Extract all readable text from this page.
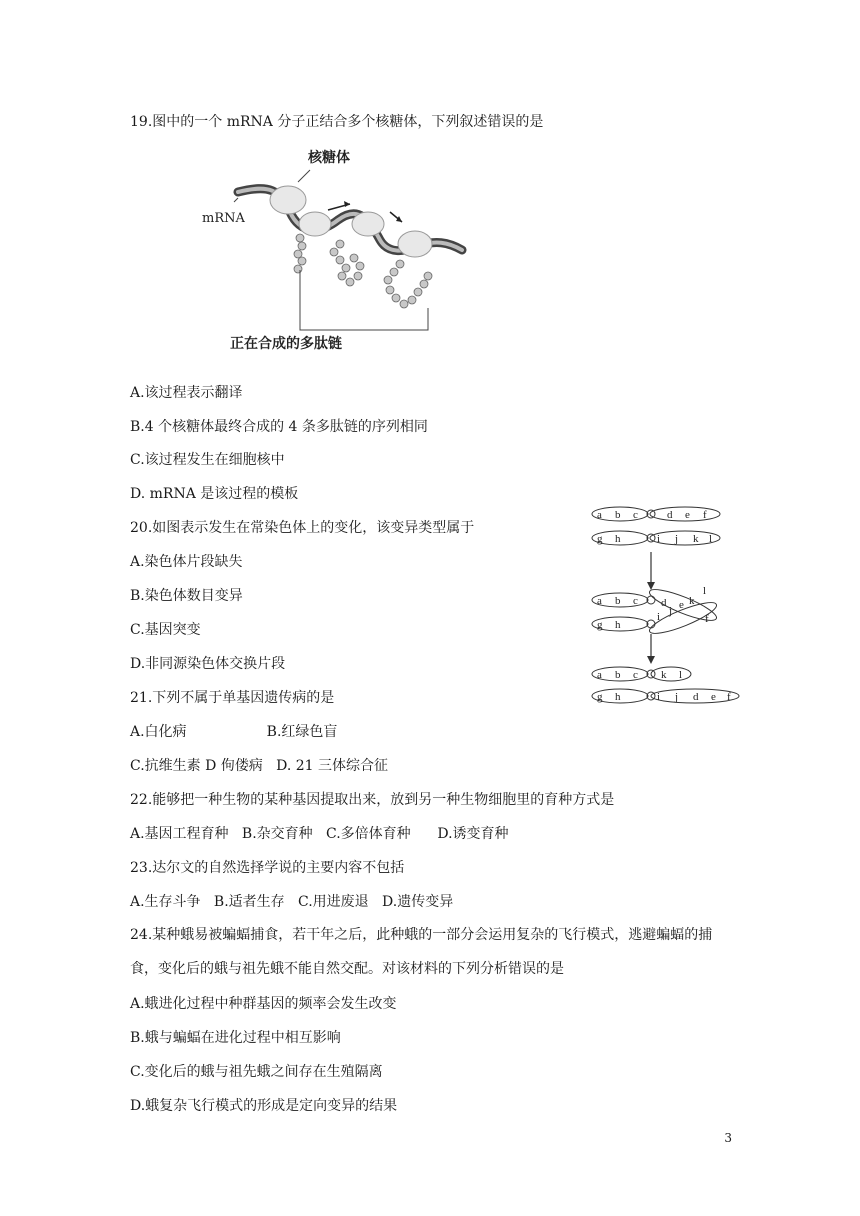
19.图中的一个 mRNA 分子正结合多个核糖体，下列叙述错误的是
核糖体
mRNA
正在合成的多肽链
A.该过程表示翻译
B.4 个核糖体最终合成的 4 条多肽链的序列相同
C.该过程发生在细胞核中
D. mRNA 是该过程的模板
20.如图表示发生在常染色体上的变化，该变异类型属于
A.染色体片段缺失
B.染色体数目变异
C.基因突变
D.非同源染色体交换片段
a b c	d e f
g h	i j k l
a b c d e
f
g h
i j
k
l
a b c k l
g h	i j d e f
21.下列不属于单基因遗传病的是
A.白化病                  B.红绿色盲
C.抗维生素 D 佝偻病   D. 21 三体综合征
22.能够把一种生物的某种基因提取出来，放到另一种生物细胞里的育种方式是
A.基因工程育种   B.杂交育种   C.多倍体育种      D.诱变育种
23.达尔文的自然选择学说的主要内容不包括
A.生存斗争   B.适者生存   C.用进废退   D.遗传变异
24.某种蛾易被蝙蝠捕食，若干年之后，此种蛾的一部分会运用复杂的飞行模式，逃避蝙蝠的捕食，变化后的蛾与祖先蛾不能自然交配。对该材料的下列分析错误的是
A.蛾进化过程中种群基因的频率会发生改变
B.蛾与蝙蝠在进化过程中相互影响
C.变化后的蛾与祖先蛾之间存在生殖隔离
D.蛾复杂飞行模式的形成是定向变异的结果
3
